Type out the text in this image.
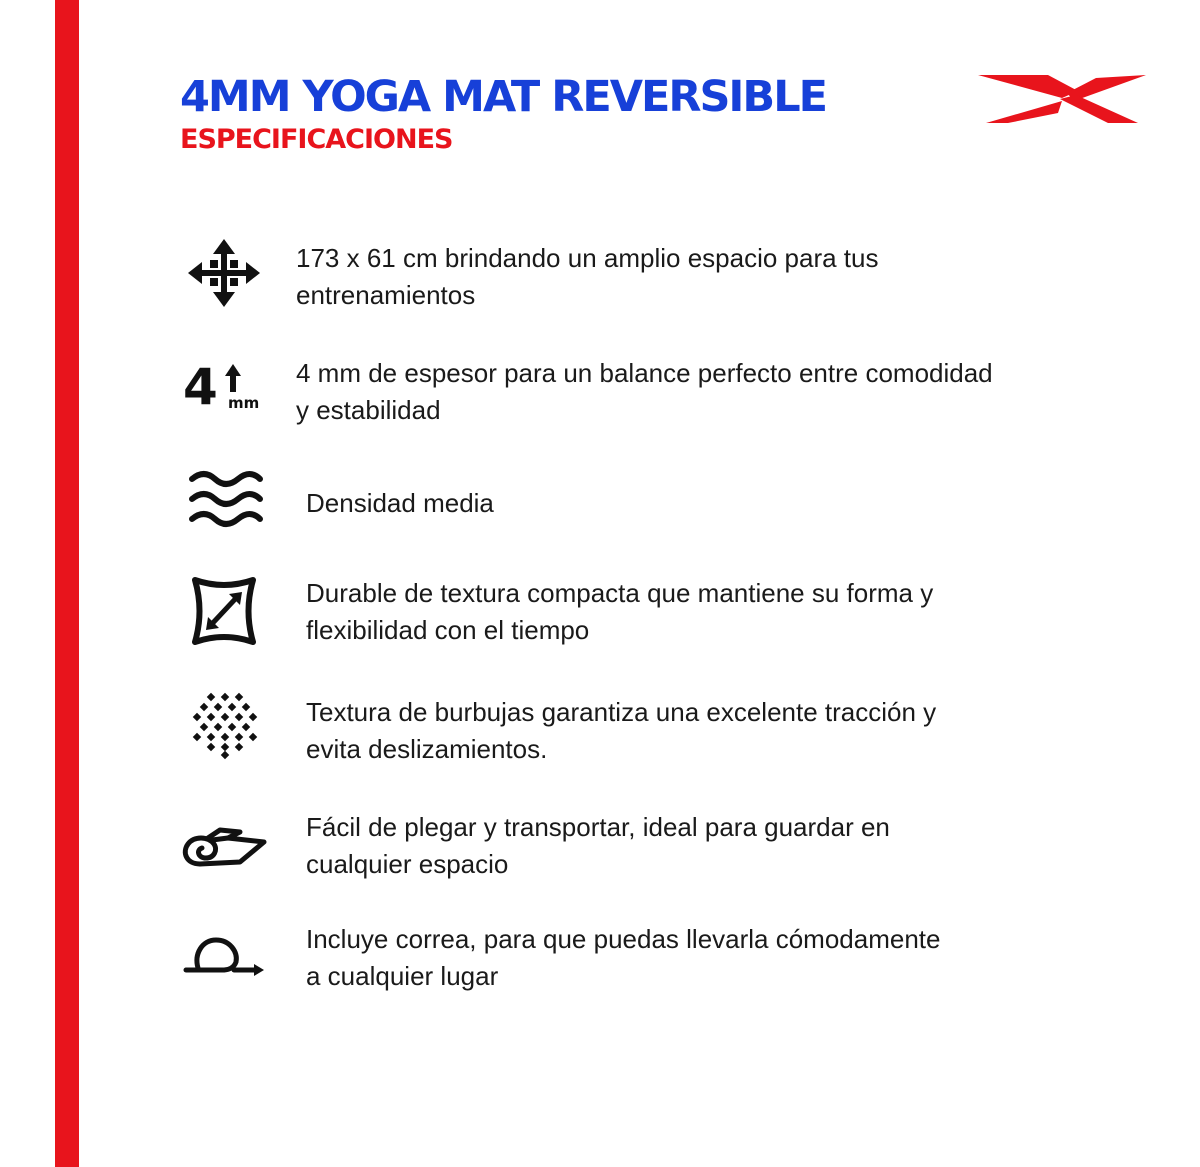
4MM YOGA MAT REVERSIBLE
ESPECIFICACIONES

173 x 61 cm brindando un amplio espacio para tus

entrenamientos

4 mm

4 mm de espesor para un balance perfecto entre comodidad

y estabilidad

Densidad media

Durable de textura compacta que mantiene su forma y

flexibilidad con el tiempo

Textura de burbujas garantiza una excelente tracción y

evita deslizamientos.

Fácil de plegar y transportar, ideal para guardar en

cualquier espacio

Incluye correa, para que puedas llevarla cómodamente

a cualquier lugar
